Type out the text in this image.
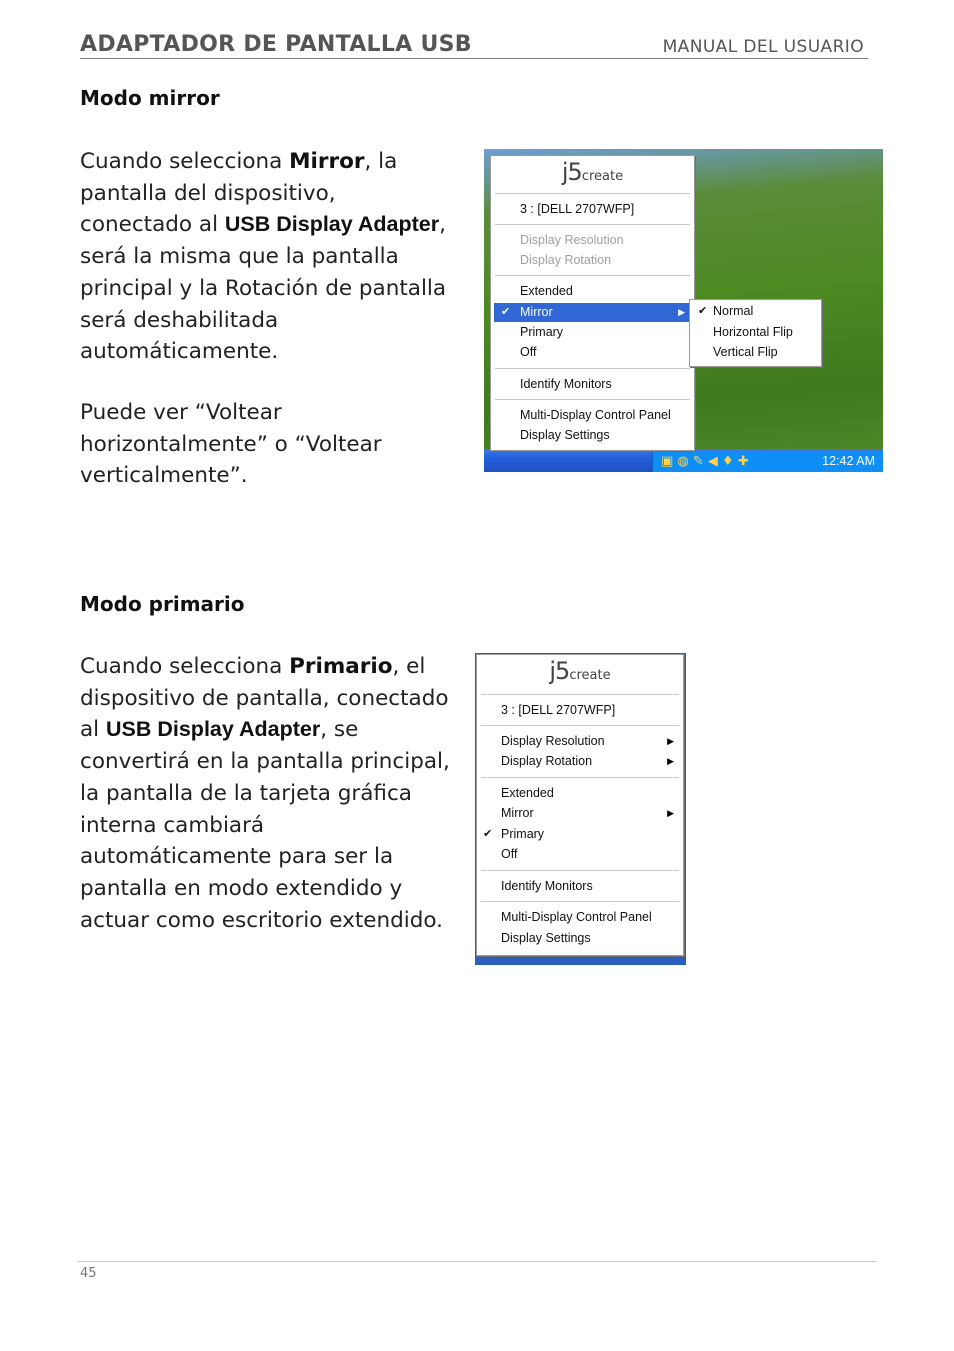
ADAPTADOR DE PANTALLA USB	MANUAL DEL USUARIO
Modo mirror
Cuando selecciona Mirror, la pantalla del dispositivo, conectado al USB Display Adapter, será la misma que la pantalla principal y la Rotación de pantalla será deshabilitada automáticamente.
Puede ver “Voltear horizontalmente” o “Voltear verticalmente”.
▣ ◍ ✎ ◀ ♦ ✚	12:42 AM
j5create
3 : [DELL 2707WFP]
Display Resolution
Display Rotation
Extended
✔ Mirror	▶
Primary
Off
Identify Monitors
Multi-Display Control Panel
Display Settings
✔ Normal
Horizontal Flip
Vertical Flip
Modo primario
Cuando selecciona Primario, el dispositivo de pantalla, conectado al USB Display Adapter, se convertirá en la pantalla principal, la pantalla de la tarjeta gráfica interna cambiará automáticamente para ser la pantalla en modo extendido y actuar como escritorio extendido.
j5create
3 : [DELL 2707WFP]
Display Resolution	▶
Display Rotation	▶
Extended
Mirror	▶
✔ Primary
Off
Identify Monitors
Multi-Display Control Panel
Display Settings
45
